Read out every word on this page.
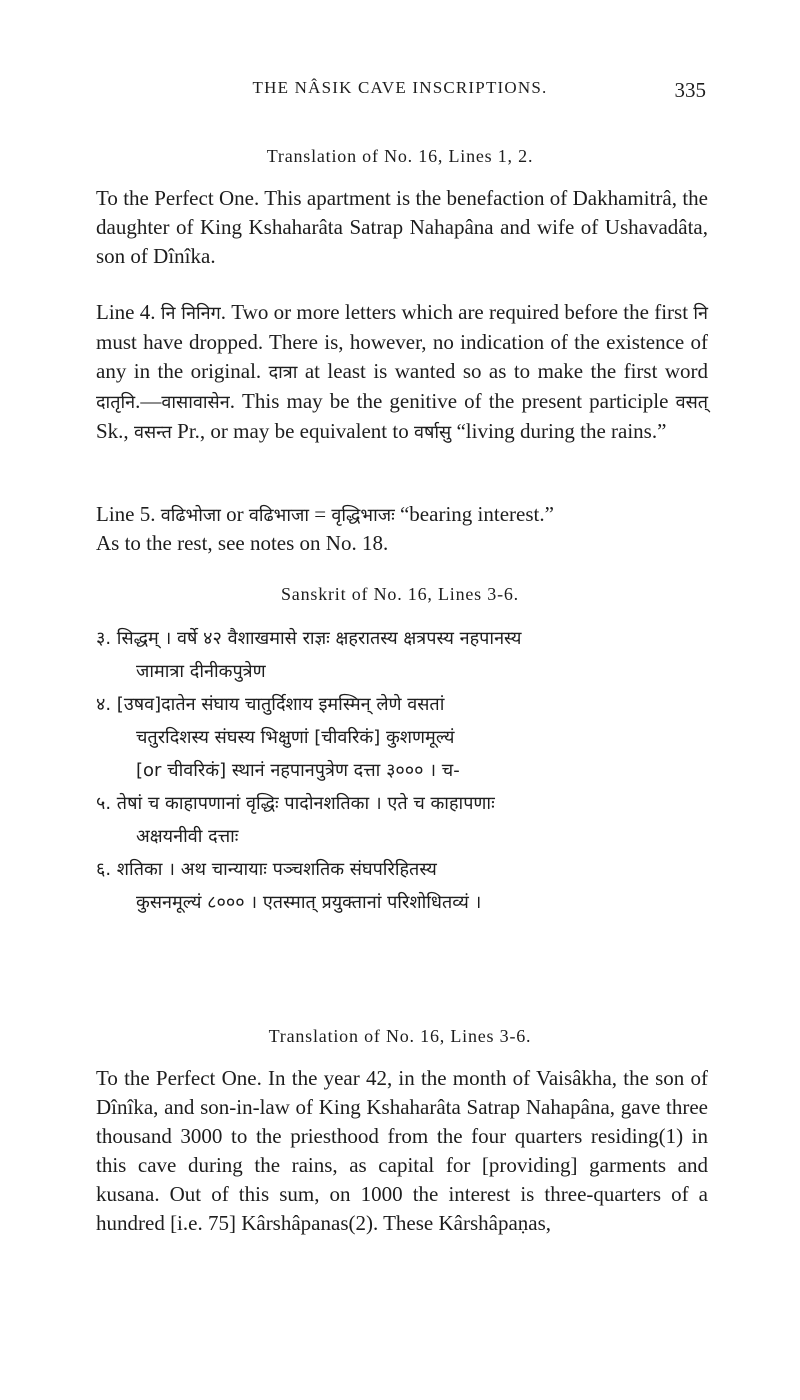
THE NÂSIK CAVE INSCRIPTIONS.	335
Translation of No. 16, Lines 1, 2.
To the Perfect One. This apartment is the benefaction of Dakhamitrâ, the daughter of King Kshaharâta Satrap Nahapâna and wife of Ushavadâta, son of Dînîka.
Line 4. नि निनिग. Two or more letters which are required before the first नि must have dropped. There is, however, no indication of the existence of any in the original. दात्रा at least is wanted so as to make the first word दातृनि.—वासावासेन. This may be the genitive of the present participle वसत् Sk., वसन्त Pr., or may be equivalent to वर्षासु “living during the rains.”
Line 5. वढिभोजा or वढिभाजा = वृद्धिभाजः “bearing interest.”
As to the rest, see notes on No. 18.
Sanskrit of No. 16, Lines 3-6.
३. सिद्धम् । वर्षे ४२ वैशाखमासे राज्ञः क्षहरातस्य क्षत्रपस्य नहपानस्य
जामात्रा दीनीकपुत्रेण
४. [उषव]दातेन संघाय चातुर्दिशाय इमस्मिन् लेणे वसतां
चतुरदिशस्य संघस्य भिक्षुणां [चीवरिकं] कुशणमूल्यं
[or चीवरिकं] स्थानं नहपानपुत्रेण दत्ता ३००० । च-
५. तेषां च काहापणानां वृद्धिः पादोनशतिका । एते च काहापणाः
अक्षयनीवी दत्ताः
६. शतिका । अथ चान्यायाः पञ्चशतिक संघपरिहितस्य
कुसनमूल्यं ८००० । एतस्मात् प्रयुक्तानां परिशोधितव्यं ।
Translation of No. 16, Lines 3-6.
To the Perfect One. In the year 42, in the month of Vaisâkha, the son of Dînîka, and son-in-law of King Kshaharâta Satrap Nahapâna, gave three thousand 3000 to the priesthood from the four quarters residing(1) in this cave during the rains, as capital for [providing] garments and kusana. Out of this sum, on 1000 the interest is three-quarters of a hundred [i.e. 75] Kârshâpanas(2). These Kârshâpaṇas,
